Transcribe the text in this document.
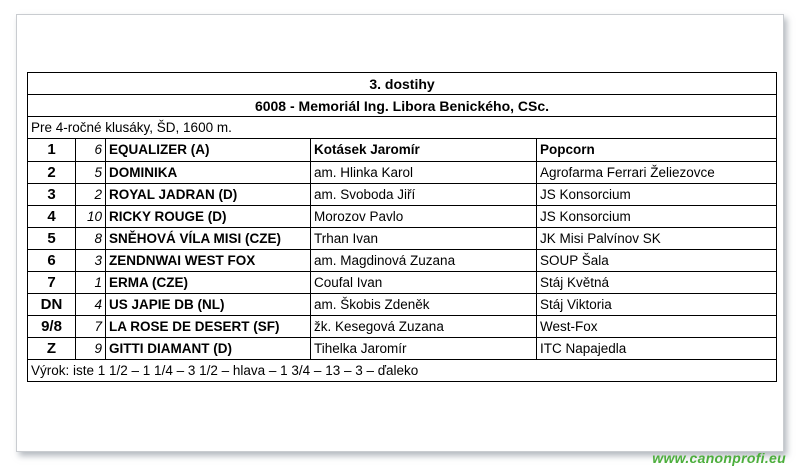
3. dostihy				
6008 - Memoriál Ing. Libora Benického, CSc.				
Pre 4-ročné klusáky, ŠD, 1600 m.				
1	6	EQUALIZER (A)	Kotásek Jaromír	Popcorn
2	5	DOMINIKA	am. Hlinka Karol	Agrofarma Ferrari Želiezovce
3	2	ROYAL JADRAN (D)	am. Svoboda Jiří	JS Konsorcium
4	10	RICKY ROUGE (D)	Morozov Pavlo	JS Konsorcium
5	8	SNĚHOVÁ VÍLA MISI (CZE)	Trhan Ivan	JK Misi Palvínov SK
6	3	ZENDNWAI WEST FOX	am. Magdinová Zuzana	SOUP Šala
7	1	ERMA (CZE)	Coufal Ivan	Stáj Květná
DN	4	US JAPIE DB (NL)	am. Škobis Zdeněk	Stáj Viktoria
9/8	7	LA ROSE DE DESERT (SF)	žk. Kesegová Zuzana	West-Fox
Z	9	GITTI DIAMANT (D)	Tihelka Jaromír	ITC Napajedla
Výrok: iste 1 1/2 – 1 1/4 – 3 1/2 – hlava – 1 3/4 – 13 – 3 – ďaleko				
www.canonprofi.eu
